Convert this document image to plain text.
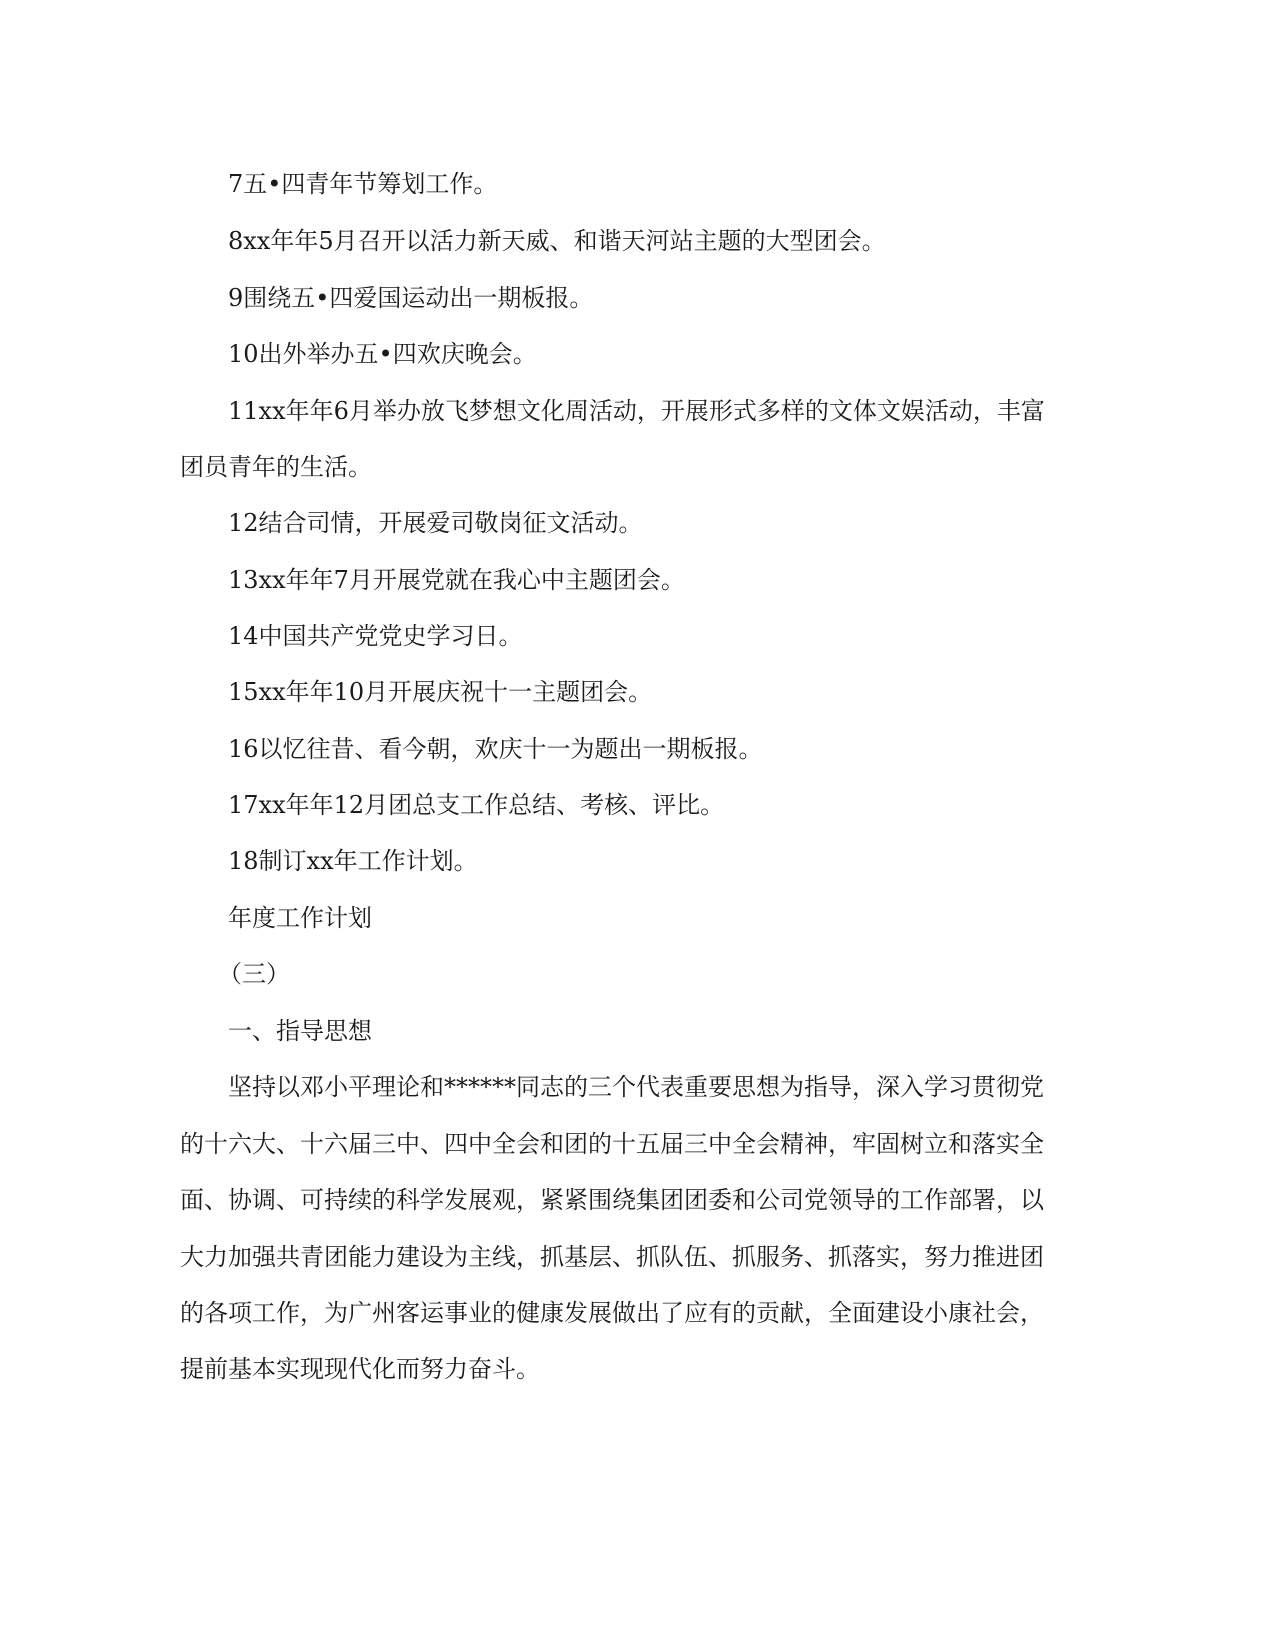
7五•四青年节筹划工作。

8xx年年5月召开以活力新天威、和谐天河站主题的大型团会。

9围绕五•四爱国运动出一期板报。

10出外举办五•四欢庆晚会。

11xx年年6月举办放飞梦想文化周活动，开展形式多样的文体文娱活动，丰富

团员青年的生活。

12结合司情，开展爱司敬岗征文活动。

13xx年年7月开展党就在我心中主题团会。

14中国共产党党史学习日。

15xx年年10月开展庆祝十一主题团会。

16以忆往昔、看今朝，欢庆十一为题出一期板报。

17xx年年12月团总支工作总结、考核、评比。

18制订xx年工作计划。

年度工作计划

（三）

一、指导思想

坚持以邓小平理论和******同志的三个代表重要思想为指导，深入学习贯彻党

的十六大、十六届三中、四中全会和团的十五届三中全会精神，牢固树立和落实全

面、协调、可持续的科学发展观，紧紧围绕集团团委和公司党领导的工作部署，以

大力加强共青团能力建设为主线，抓基层、抓队伍、抓服务、抓落实，努力推进团

的各项工作，为广州客运事业的健康发展做出了应有的贡献，全面建设小康社会，

提前基本实现现代化而努力奋斗。
